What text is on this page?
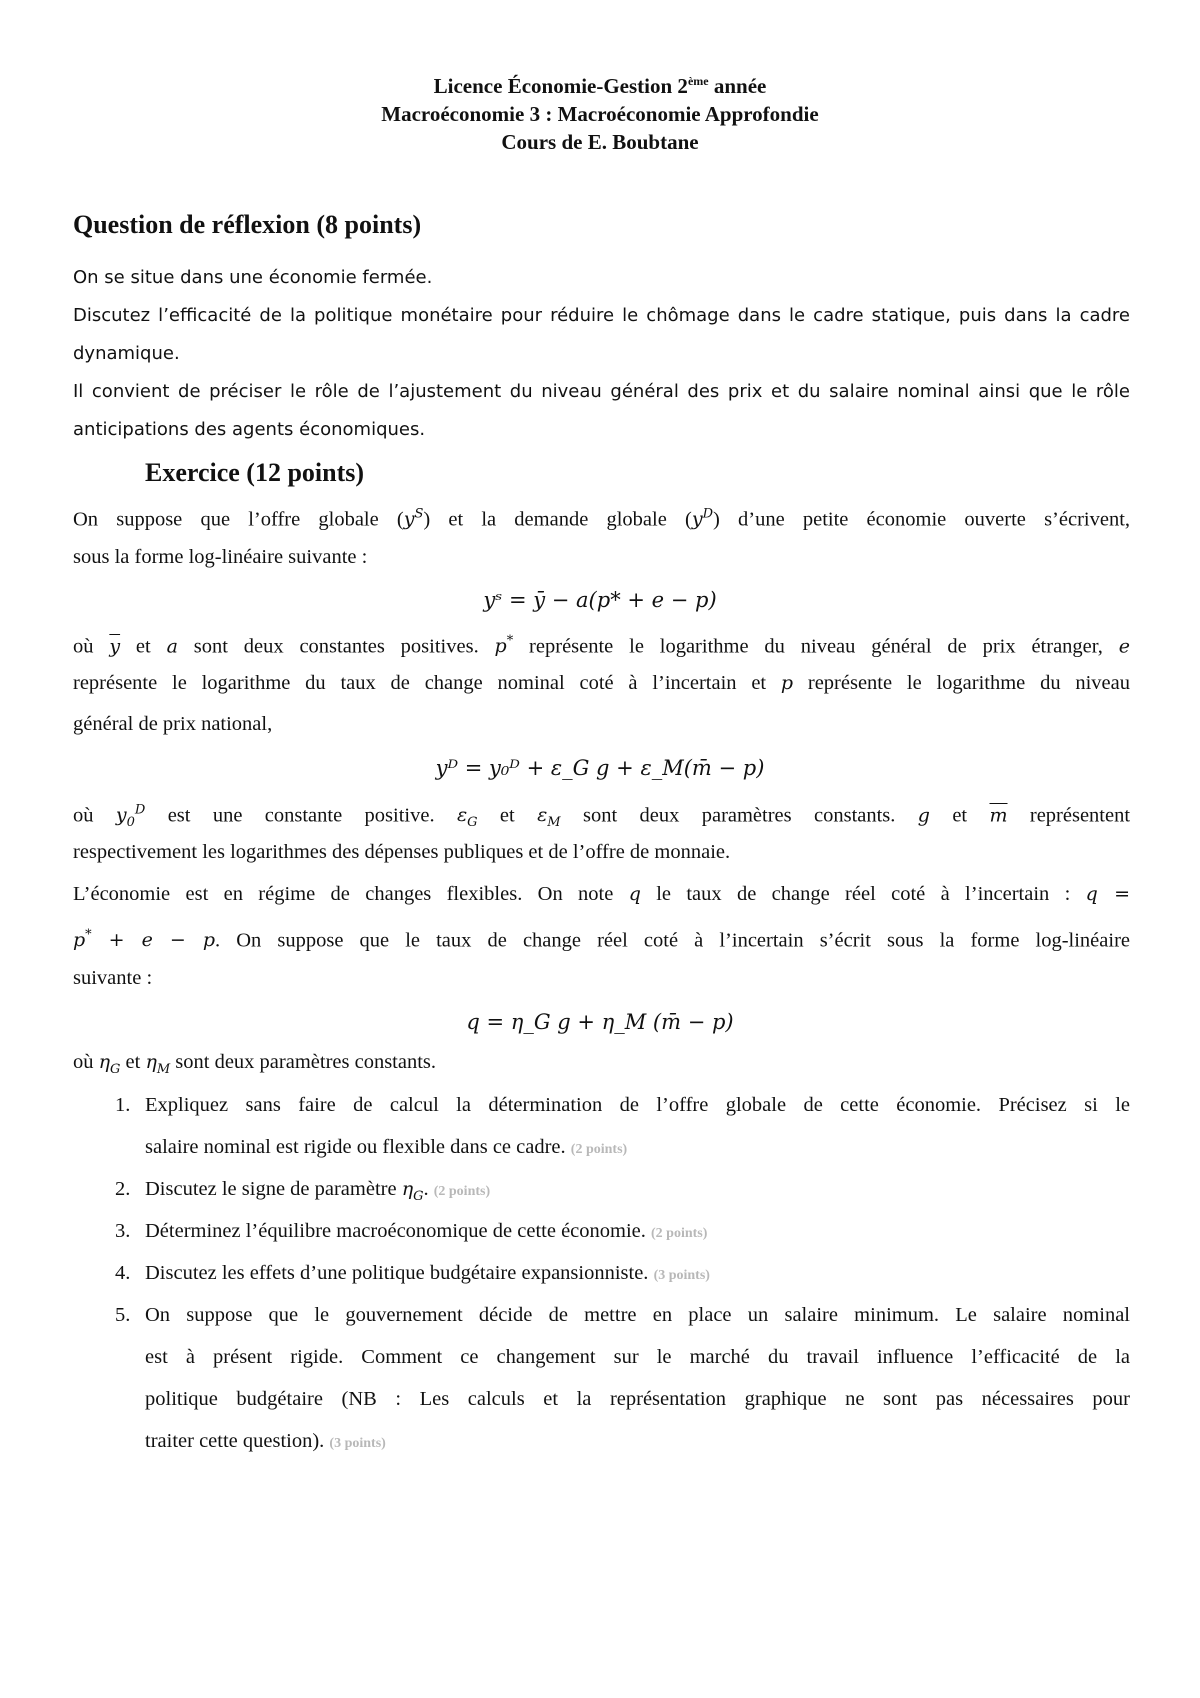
Licence Économie-Gestion 2ème année
Macroéconomie 3 : Macroéconomie Approfondie
Cours de E. Boubtane
Question de réflexion (8 points)
On se situe dans une économie fermée.
Discutez l’efficacité de la politique monétaire pour réduire le chômage dans le cadre statique, puis dans la cadre
dynamique.
Il convient de préciser le rôle de l’ajustement du niveau général des prix et du salaire nominal ainsi que le rôle
anticipations des agents économiques.
Exercice (12 points)
On suppose que l’offre globale $(y^S)$ et la demande globale $(y^D)$ d’une petite économie ouverte s’écrivent,
sous la forme log-linéaire suivante :
yˢ = ȳ − a(p* + e − p)
où $\overline{y}$ et a sont deux constantes positives. p* représente le logarithme du niveau général de prix étranger, e
représente le logarithme du taux de change nominal coté à l’incertain et p représente le logarithme du niveau
général de prix national,
yᴰ = y₀ᴰ + ε_G g + ε_M(m̄ − p)
où $y_0^D$ est une constante positive. $\varepsilon_G$ et $\varepsilon_M$ sont deux paramètres constants. g et $\overline{m}$ représentent
respectivement les logarithmes des dépenses publiques et de l’offre de monnaie.
L’économie est en régime de changes flexibles. On note q le taux de change réel coté à l’incertain : q =
p* + e − p. On suppose que le taux de change réel coté à l’incertain s’écrit sous la forme log-linéaire
suivante :
q = η_G g + η_M (m̄ − p)
où $\eta_G$ et $\eta_M$ sont deux paramètres constants.
1. Expliquez sans faire de calcul la détermination de l’offre globale de cette économie. Précisez si le
salaire nominal est rigide ou flexible dans ce cadre. (2 points)
2. Discutez le signe de paramètre $\eta_G$. (2 points)
3. Déterminez l’équilibre macroéconomique de cette économie. (2 points)
4. Discutez les effets d’une politique budgétaire expansionniste. (3 points)
5. On suppose que le gouvernement décide de mettre en place un salaire minimum. Le salaire nominal
est à présent rigide. Comment ce changement sur le marché du travail influence l’efficacité de la
politique budgétaire (NB : Les calculs et la représentation graphique ne sont pas nécessaires pour
traiter cette question). (3 points)
